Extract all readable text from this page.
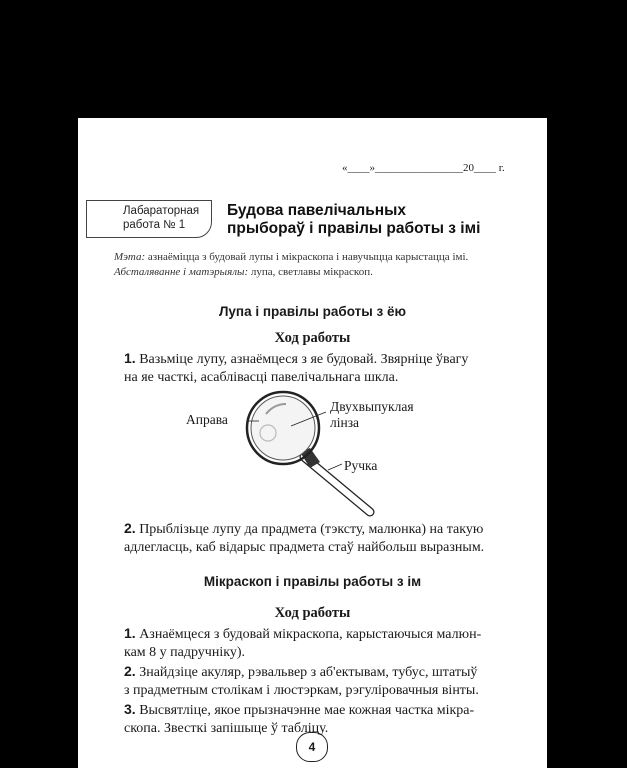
«____»________________20____ г.
Лабараторная
работа № 1
Будова павелічальных
прыбораў і правілы работы з імі
Мэта: азнаёміцца з будовай лупы і мікраскопа і навучыцца карыстацца імі.
Абсталяванне і матэрыялы: лупа, светлавы мікраскоп.
Лупа і правілы работы з ёю
Ход работы
1. Вазьміце лупу, азнаёмцеся з яе будовай. Звярніце ўвагу
на яе часткі, асаблівасці павелічальнага шкла.
Аправа
Двухвыпуклая
лінза
Ручка
2. Прыблізьце лупу да прадмета (тэксту, малюнка) на такую
адлегласць, каб відарыс прадмета стаў найбольш выразным.
Мікраскоп і правілы работы з ім
Ход работы
1. Азнаёмцеся з будовай мікраскопа, карыстаючыся малюн-
кам 8 у падручніку).
2. Знайдзіце акуляр, рэвальвер з аб'ектывам, тубус, штатыў
з прадметным столікам і люстэркам, рэгуліровачныя вінты.
3. Высвятліце, якое прызначэнне мае кожная частка мікра-
скопа. Звесткі запішыце ў табліцу.
4
